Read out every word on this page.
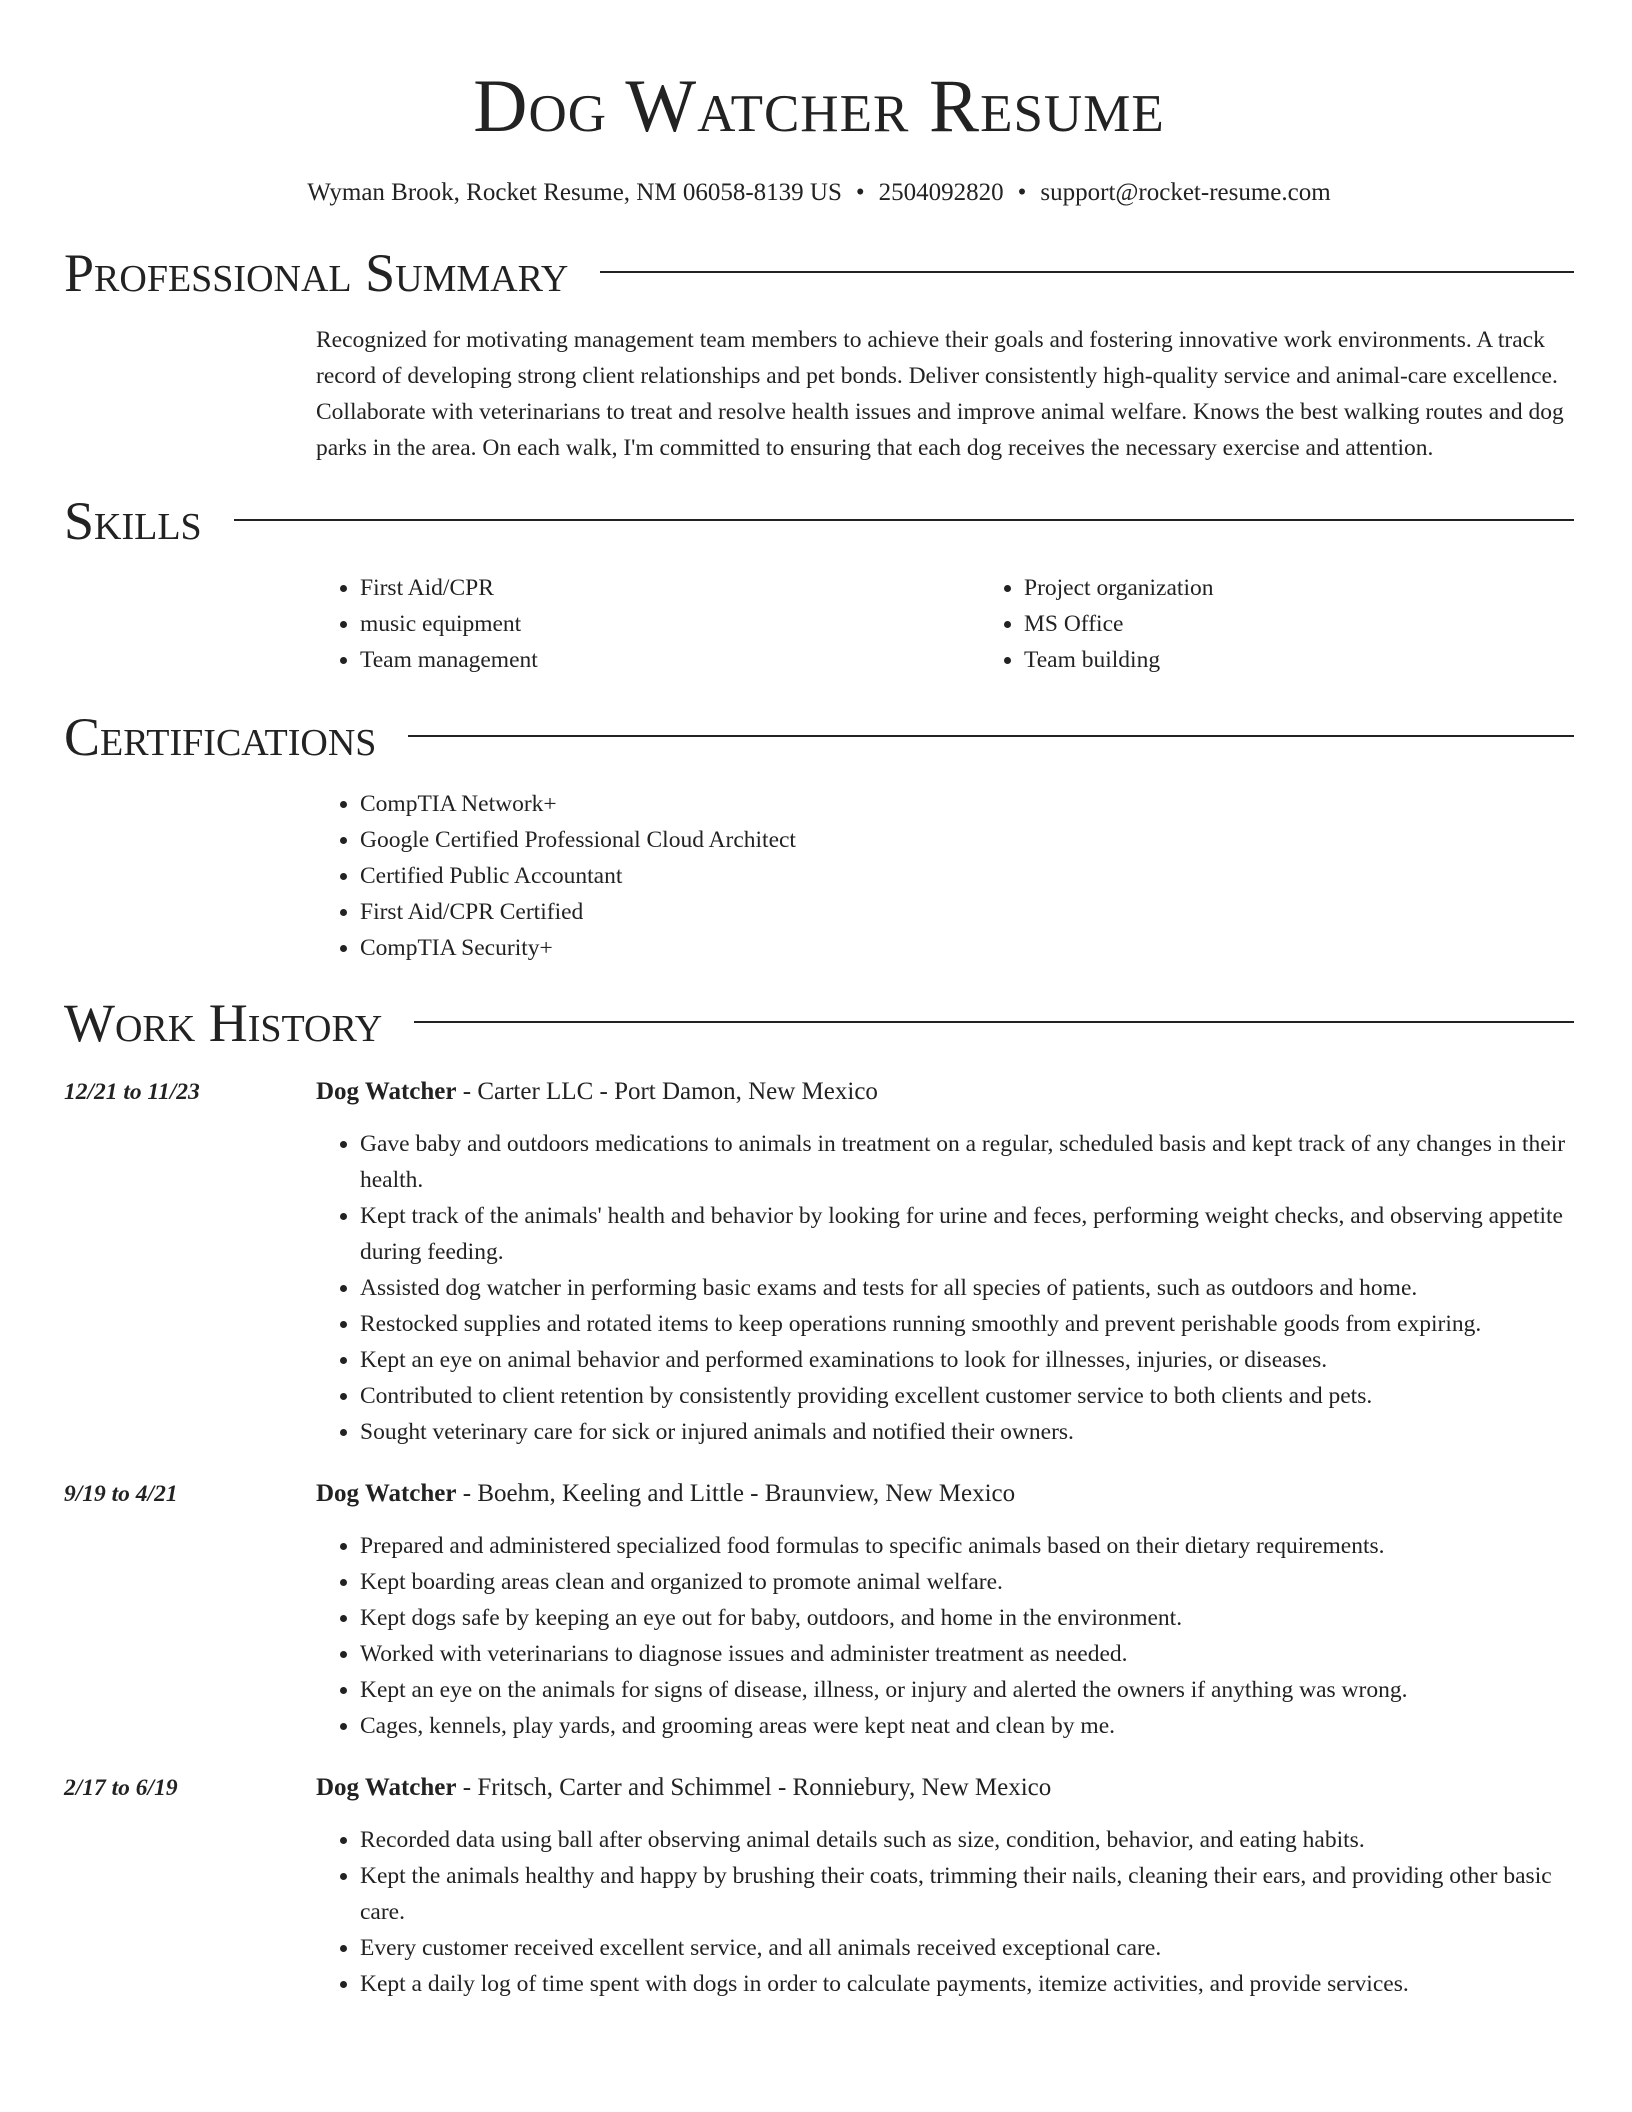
Dog Watcher Resume
Wyman Brook, Rocket Resume, NM 06058-8139 US • 2504092820 • support@rocket-resume.com
Professional Summary

Recognized for motivating management team members to achieve their goals and fostering innovative work environments. A track record of developing strong client relationships and pet bonds. Deliver consistently high-quality service and animal-care excellence. Collaborate with veterinarians to treat and resolve health issues and improve animal welfare. Knows the best walking routes and dog parks in the area. On each walk, I'm committed to ensuring that each dog receives the necessary exercise and attention.

Skills
• First Aid/CPR
• music equipment
• Team management
• Project organization
• MS Office
• Team building
Certifications
• CompTIA Network+
• Google Certified Professional Cloud Architect
• Certified Public Accountant
• First Aid/CPR Certified
• CompTIA Security+
Work History
12/21 to 11/23	Dog Watcher - Carter LLC - Port Damon, New Mexico
• Gave baby and outdoors medications to animals in treatment on a regular, scheduled basis and kept track of any changes in their health.
• Kept track of the animals' health and behavior by looking for urine and feces, performing weight checks, and observing appetite during feeding.
• Assisted dog watcher in performing basic exams and tests for all species of patients, such as outdoors and home.
• Restocked supplies and rotated items to keep operations running smoothly and prevent perishable goods from expiring.
• Kept an eye on animal behavior and performed examinations to look for illnesses, injuries, or diseases.
• Contributed to client retention by consistently providing excellent customer service to both clients and pets.
• Sought veterinary care for sick or injured animals and notified their owners.
9/19 to 4/21	Dog Watcher - Boehm, Keeling and Little - Braunview, New Mexico
• Prepared and administered specialized food formulas to specific animals based on their dietary requirements.
• Kept boarding areas clean and organized to promote animal welfare.
• Kept dogs safe by keeping an eye out for baby, outdoors, and home in the environment.
• Worked with veterinarians to diagnose issues and administer treatment as needed.
• Kept an eye on the animals for signs of disease, illness, or injury and alerted the owners if anything was wrong.
• Cages, kennels, play yards, and grooming areas were kept neat and clean by me.
2/17 to 6/19	Dog Watcher - Fritsch, Carter and Schimmel - Ronniebury, New Mexico
• Recorded data using ball after observing animal details such as size, condition, behavior, and eating habits.
• Kept the animals healthy and happy by brushing their coats, trimming their nails, cleaning their ears, and providing other basic care.
• Every customer received excellent service, and all animals received exceptional care.
• Kept a daily log of time spent with dogs in order to calculate payments, itemize activities, and provide services.
